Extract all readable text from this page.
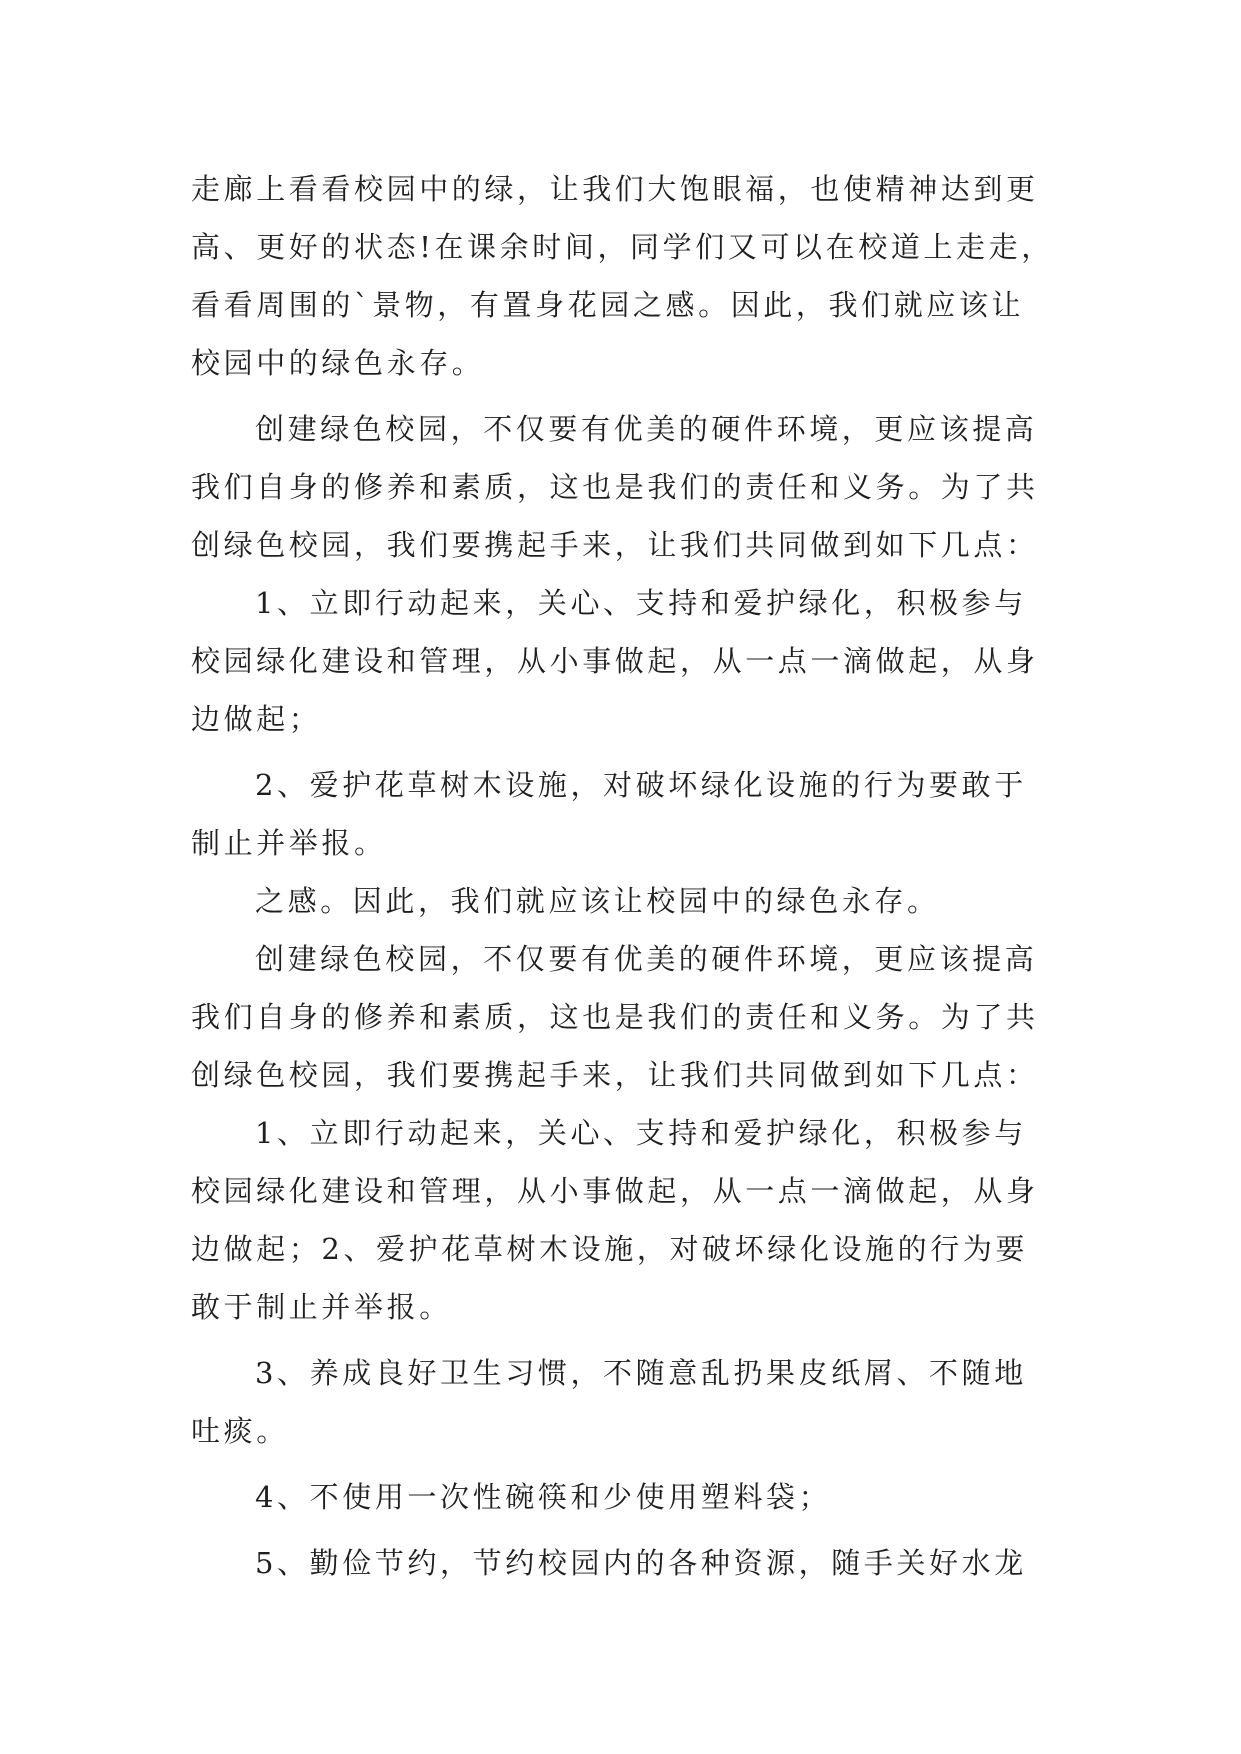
走廊上看看校园中的绿，让我们大饱眼福，也使精神达到更
高、更好的状态!在课余时间，同学们又可以在校道上走走，
看看周围的`景物，有置身花园之感。因此，我们就应该让
校园中的绿色永存。
创建绿色校园，不仅要有优美的硬件环境，更应该提高
我们自身的修养和素质，这也是我们的责任和义务。为了共
创绿色校园，我们要携起手来，让我们共同做到如下几点：
1、立即行动起来，关心、支持和爱护绿化，积极参与
校园绿化建设和管理，从小事做起，从一点一滴做起，从身
边做起；
2、爱护花草树木设施，对破坏绿化设施的行为要敢于
制止并举报。
之感。因此，我们就应该让校园中的绿色永存。
创建绿色校园，不仅要有优美的硬件环境，更应该提高
我们自身的修养和素质，这也是我们的责任和义务。为了共
创绿色校园，我们要携起手来，让我们共同做到如下几点：
1、立即行动起来，关心、支持和爱护绿化，积极参与
校园绿化建设和管理，从小事做起，从一点一滴做起，从身
边做起；2、爱护花草树木设施，对破坏绿化设施的行为要
敢于制止并举报。
3、养成良好卫生习惯，不随意乱扔果皮纸屑、不随地
吐痰。
4、不使用一次性碗筷和少使用塑料袋；
5、勤俭节约，节约校园内的各种资源，随手关好水龙
